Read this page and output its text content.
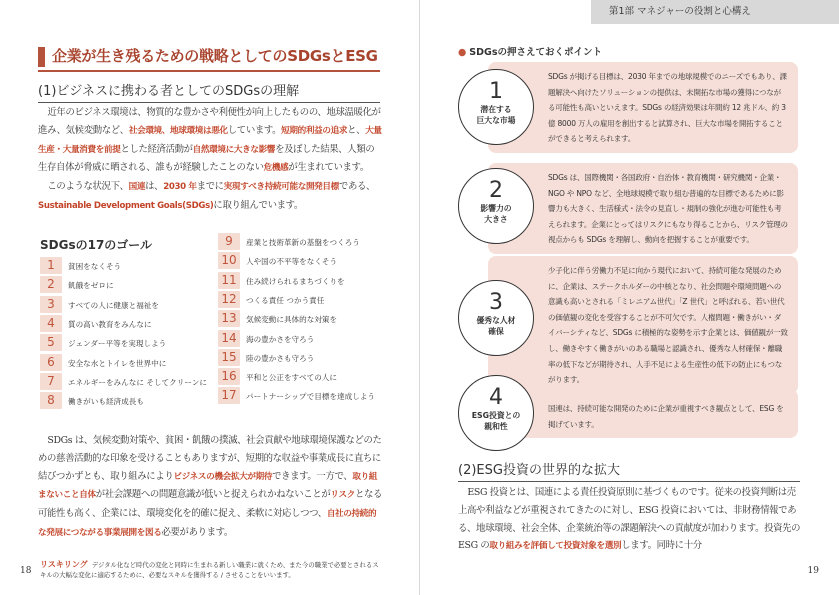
企業が生き残るための戦略としてのSDGsとESG
(1)ビジネスに携わる者としてのSDGsの理解

近年のビジネス環境は、物質的な豊かさや利便性が向上したものの、地球温暖化が進み、気候変動など、社会環境、地球環境は悪化しています。短期的利益の追求と、大量生産・大量消費を前提とした経済活動が自然環境に大きな影響を及ぼした結果、人類の生存自体が脅威に晒される、誰もが経験したことのない危機感が生まれています。

このような状況下、国連は、2030 年までに実現すべき持続可能な開発目標である、Sustainable Development Goals(SDGs)に取り組んでいます。

SDGsの17のゴール
1	貧困をなくそう
2	飢餓をゼロに
3	すべての人に健康と福祉を
4	質の高い教育をみんなに
5	ジェンダー平等を実現しよう
6	安全な水とトイレを世界中に
7	エネルギーをみんなに そしてクリーンに
8	働きがいも経済成長も
9	産業と技術革新の基盤をつくろう
10	人や国の不平等をなくそう
11	住み続けられるまちづくりを
12	つくる責任 つかう責任
13	気候変動に具体的な対策を
14	海の豊かさを守ろう
15	陸の豊かさも守ろう
16	平和と公正をすべての人に
17	パートナーシップで目標を達成しよう

SDGs は、気候変動対策や、貧困・飢餓の撲滅、社会貢献や地球環境保護などのための慈善活動的な印象を受けることもありますが、短期的な収益や事業成長に直ちに結びつかずとも、取り組みによりビジネスの機会拡大が期待できます。一方で、取り組まないこと自体が社会課題への問題意識が低いと捉えられかねないことがリスクとなる可能性も高く、企業には、環境変化を的確に捉え、柔軟に対応しつつ、自社の持続的な発展につながる事業展開を図る必要があります。

リスキリング デジタル化など時代の変化と同時に生まれる新しい職業に就くため、また今の職業で必要とされるスキルの大幅な変化に適応するために、必要なスキルを獲得する / させることをいいます。
18
第1部 マネジャーの役割と心構え
● SDGsの押さえておくポイント
SDGs が掲げる目標は、2030 年までの地球規模でのニーズでもあり、課題解決へ向けたソリューションの提供は、未開拓な市場の獲得につながる可能性も高いといえます。SDGs の経済効果は年間約 12 兆ドル、約 3 億 8000 万人の雇用を創出すると試算され、巨大な市場を開拓することができると考えられます。
1
潜在する
巨大な市場
SDGs は、国際機関・各国政府・自治体・教育機関・研究機関・企業・NGO や NPO など、全地球規模で取り組む普遍的な目標であるために影響力も大きく、生活様式・法令の見直し・規制の強化が進む可能性も考えられます。企業にとってはリスクにもなり得ることから、リスク管理の視点からも SDGs を理解し、動向を把握することが重要です。
2
影響力の
大きさ
少子化に伴う労働力不足に向かう現代において、持続可能な発展のために、企業は、ステークホルダーの中核となり、社会問題や環境問題への意識も高いとされる「ミレニアム世代」「Z 世代」と呼ばれる、若い世代の価値観の変化を受容することが不可欠です。人権問題・働きがい・ダイバーシティなど、SDGs に積極的な姿勢を示す企業とは、価値観が一致し、働きやすく働きがいのある職場と認識され、優秀な人材確保・離職率の低下などが期待され、人手不足による生産性の低下の防止にもつながります。
3
優秀な人材
確保
国連は、持続可能な開発のために企業が重視すべき観点として、ESG を掲げています。
4
ESG投資との
親和性
(2)ESG投資の世界的な拡大

ESG 投資とは、国連による責任投資原則に基づくものです。従来の投資判断は売上高や利益などが重視されてきたのに対し、ESG 投資においては、非財務情報である、地球環境、社会全体、企業統治等の課題解決への貢献度が加わります。投資先の ESG の取り組みを評価して投資対象を選別します。同時に十分

19
